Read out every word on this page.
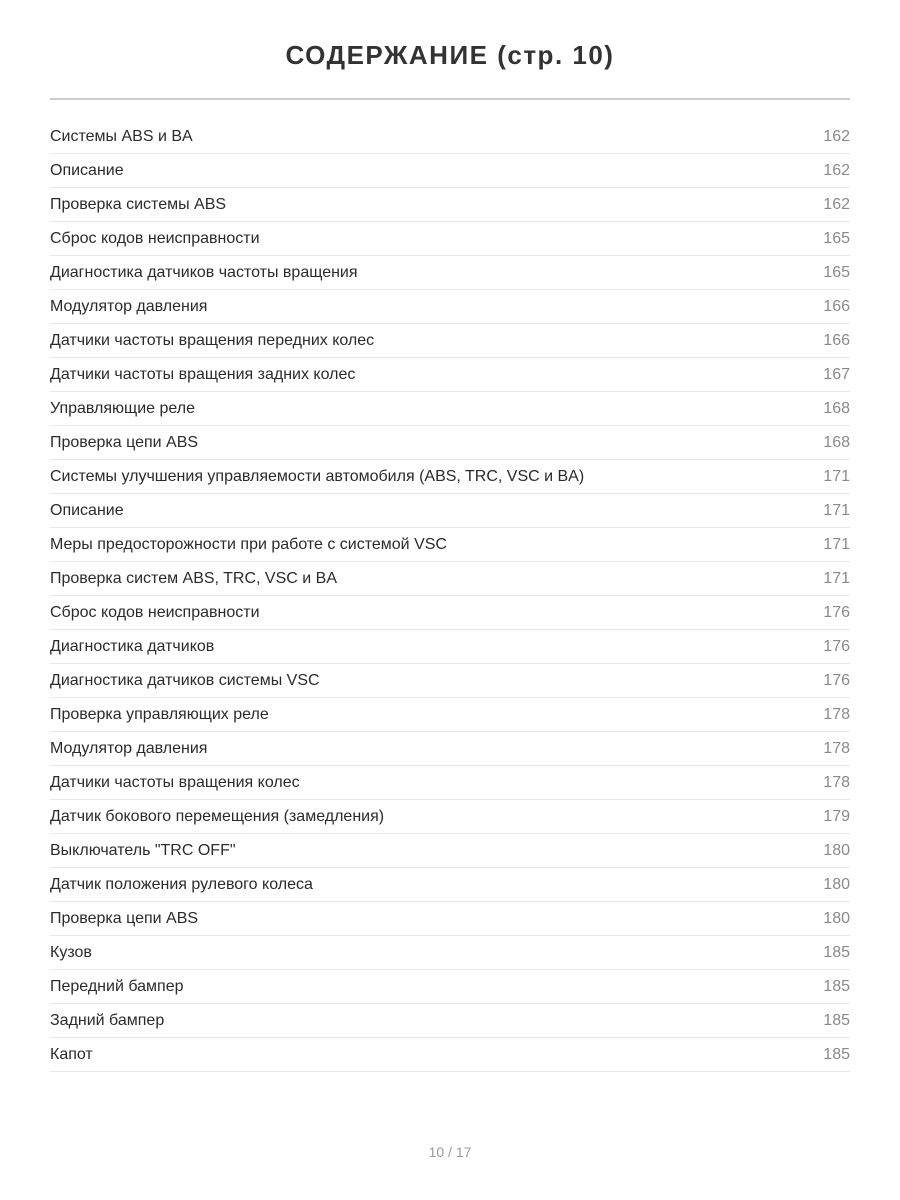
СОДЕРЖАНИЕ (стр. 10)
Системы ABS и BA	162
Описание	162
Проверка системы ABS	162
Сброс кодов неисправности	165
Диагностика датчиков частоты вращения	165
Модулятор давления	166
Датчики частоты вращения передних колес	166
Датчики частоты вращения задних колес	167
Управляющие реле	168
Проверка цепи ABS	168
Системы улучшения управляемости автомобиля (ABS, TRC, VSC и BA)	171
Описание	171
Меры предосторожности при работе с системой VSC	171
Проверка систем ABS, TRC, VSC и BA	171
Сброс кодов неисправности	176
Диагностика датчиков	176
Диагностика датчиков системы VSC	176
Проверка управляющих реле	178
Модулятор давления	178
Датчики частоты вращения колес	178
Датчик бокового перемещения (замедления)	179
Выключатель "TRC OFF"	180
Датчик положения рулевого колеса	180
Проверка цепи ABS	180
Кузов	185
Передний бампер	185
Задний бампер	185
Капот	185
10 / 17
